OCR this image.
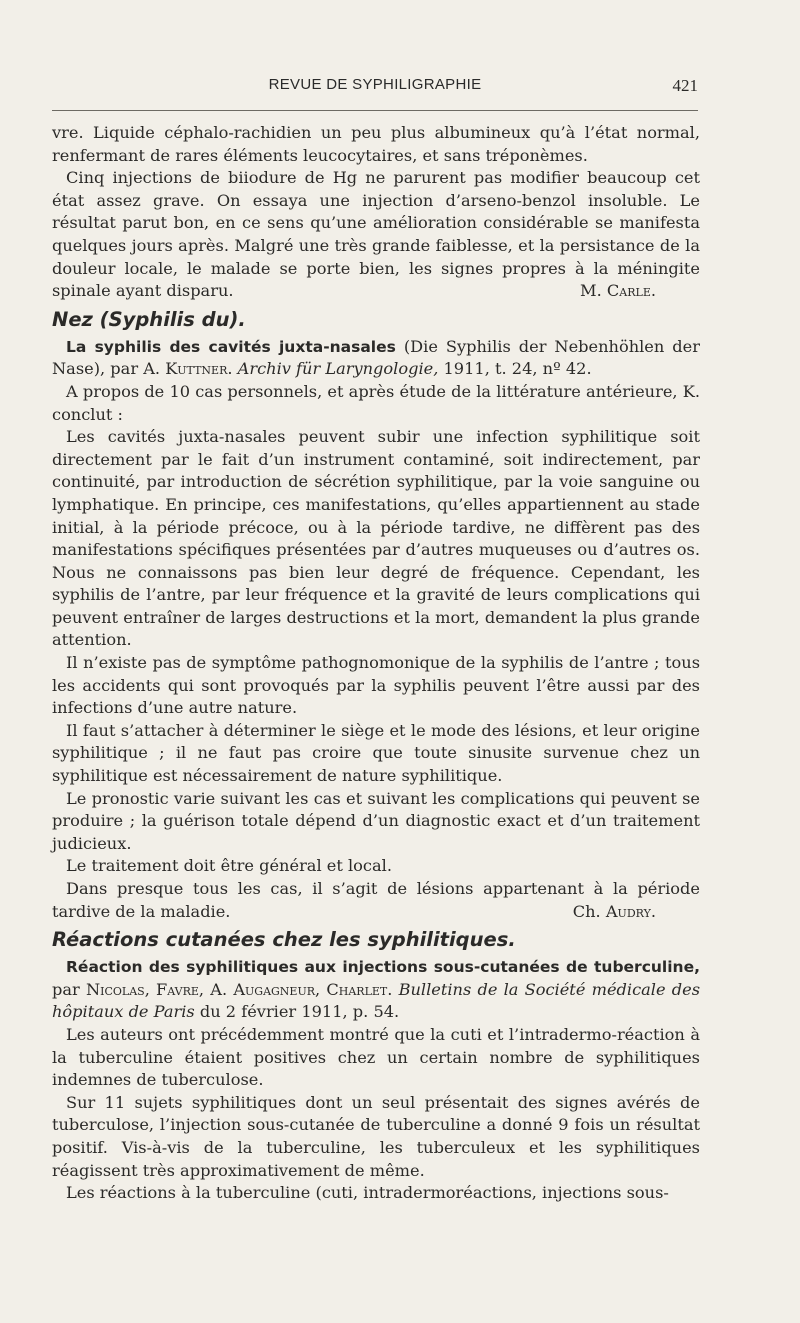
REVUE DE SYPHILIGRAPHIE	421

vre. Liquide céphalo-rachidien un peu plus albumineux qu’à l’état normal, renfermant de rares éléments leucocytaires, et sans tréponèmes.

Cinq injections de biiodure de Hg ne parurent pas modifier beaucoup cet état assez grave. On essaya une injection d’arseno-benzol insoluble. Le résultat parut bon, en ce sens qu’une amélioration considérable se manifesta quelques jours après. Malgré une très grande faiblesse, et la persistance de la douleur locale, le malade se porte bien, les signes propres à la méningite spinale ayant disparu.	M. Carle.
Nez (Syphilis du).

La syphilis des cavités juxta-nasales (Die Syphilis der Nebenhöhlen der Nase), par A. Kuttner. Archiv für Laryngologie, 1911, t. 24, nº 42.

A propos de 10 cas personnels, et après étude de la littérature antérieure, K. conclut :

Les cavités juxta-nasales peuvent subir une infection syphilitique soit directement par le fait d’un instrument contaminé, soit indirectement, par continuité, par introduction de sécrétion syphilitique, par la voie sanguine ou lymphatique. En principe, ces manifestations, qu’elles appartiennent au stade initial, à la période précoce, ou à la période tardive, ne diffèrent pas des manifestations spécifiques présentées par d’autres muqueuses ou d’autres os. Nous ne connaissons pas bien leur degré de fréquence. Cependant, les syphilis de l’antre, par leur fréquence et la gravité de leurs complications qui peuvent entraîner de larges destructions et la mort, demandent la plus grande attention.

Il n’existe pas de symptôme pathognomonique de la syphilis de l’antre ; tous les accidents qui sont provoqués par la syphilis peuvent l’être aussi par des infections d’une autre nature.

Il faut s’attacher à déterminer le siège et le mode des lésions, et leur origine syphilitique ; il ne faut pas croire que toute sinusite survenue chez un syphilitique est nécessairement de nature syphilitique.

Le pronostic varie suivant les cas et suivant les complications qui peuvent se produire ; la guérison totale dépend d’un diagnostic exact et d’un traitement judicieux.

Le traitement doit être général et local.

Dans presque tous les cas, il s’agit de lésions appartenant à la période tardive de la maladie.	Ch. Audry.
Réactions cutanées chez les syphilitiques.

Réaction des syphilitiques aux injections sous-cutanées de tuberculine, par Nicolas, Favre, A. Augagneur, Charlet. Bulletins de la Société médicale des hôpitaux de Paris du 2 février 1911, p. 54.

Les auteurs ont précédemment montré que la cuti et l’intradermo-réaction à la tuberculine étaient positives chez un certain nombre de syphilitiques indemnes de tuberculose.

Sur 11 sujets syphilitiques dont un seul présentait des signes avérés de tuberculose, l’injection sous-cutanée de tuberculine a donné 9 fois un résultat positif. Vis-à-vis de la tuberculine, les tuberculeux et les syphilitiques réagissent très approximativement de même.

Les réactions à la tuberculine (cuti, intradermoréactions, injections sous-
